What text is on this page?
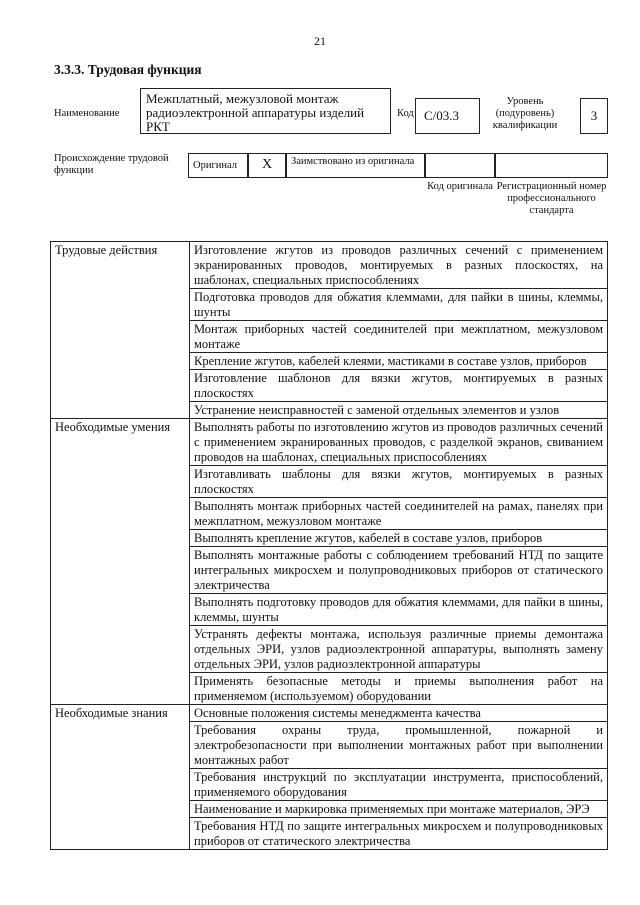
21
3.3.3. Трудовая функция
Наименование
Межплатный, межузловой монтаж радиоэлектронной аппаратуры изделий РКТ
Код С/03.3
Уровень (подуровень) квалификации
3
Происхождение трудовой функции	Оригинал	Х	Заимствовано из оригинала
Код оригинала Регистрационный номер профессионального стандарта
Трудовые действия	Изготовление жгутов из проводов различных сечений с применением экранированных проводов, монтируемых в разных плоскостях, на шаблонах, специальных приспособлениях
	Подготовка проводов для обжатия клеммами, для пайки в шины, клеммы, шунты
	Монтаж приборных частей соединителей при межплатном, межузловом монтаже
	Крепление жгутов, кабелей клеями, мастиками в составе узлов, приборов
	Изготовление шаблонов для вязки жгутов, монтируемых в разных плоскостях
	Устранение неисправностей с заменой отдельных элементов и узлов
Необходимые умения	Выполнять работы по изготовлению жгутов из проводов различных сечений с применением экранированных проводов, с разделкой экранов, свиванием проводов на шаблонах, специальных приспособлениях
	Изготавливать шаблоны для вязки жгутов, монтируемых в разных плоскостях
	Выполнять монтаж приборных частей соединителей на рамах, панелях при межплатном, межузловом монтаже
	Выполнять крепление жгутов, кабелей в составе узлов, приборов
	Выполнять монтажные работы с соблюдением требований НТД по защите интегральных микросхем и полупроводниковых приборов от статического электричества
	Выполнять подготовку проводов для обжатия клеммами, для пайки в шины, клеммы, шунты
	Устранять дефекты монтажа, используя различные приемы демонтажа отдельных ЭРИ, узлов радиоэлектронной аппаратуры, выполнять замену отдельных ЭРИ, узлов радиоэлектронной аппаратуры
	Применять безопасные методы и приемы выполнения работ на применяемом (используемом) оборудовании
Необходимые знания	Основные положения системы менеджмента качества
	Требования охраны труда, промышленной, пожарной и электробезопасности при выполнении монтажных работ при выполнении монтажных работ
	Требования инструкций по эксплуатации инструмента, приспособлений, применяемого оборудования
	Наименование и маркировка применяемых при монтаже материалов, ЭРЭ
	Требования НТД по защите интегральных микросхем и полупроводниковых приборов от статического электричества
